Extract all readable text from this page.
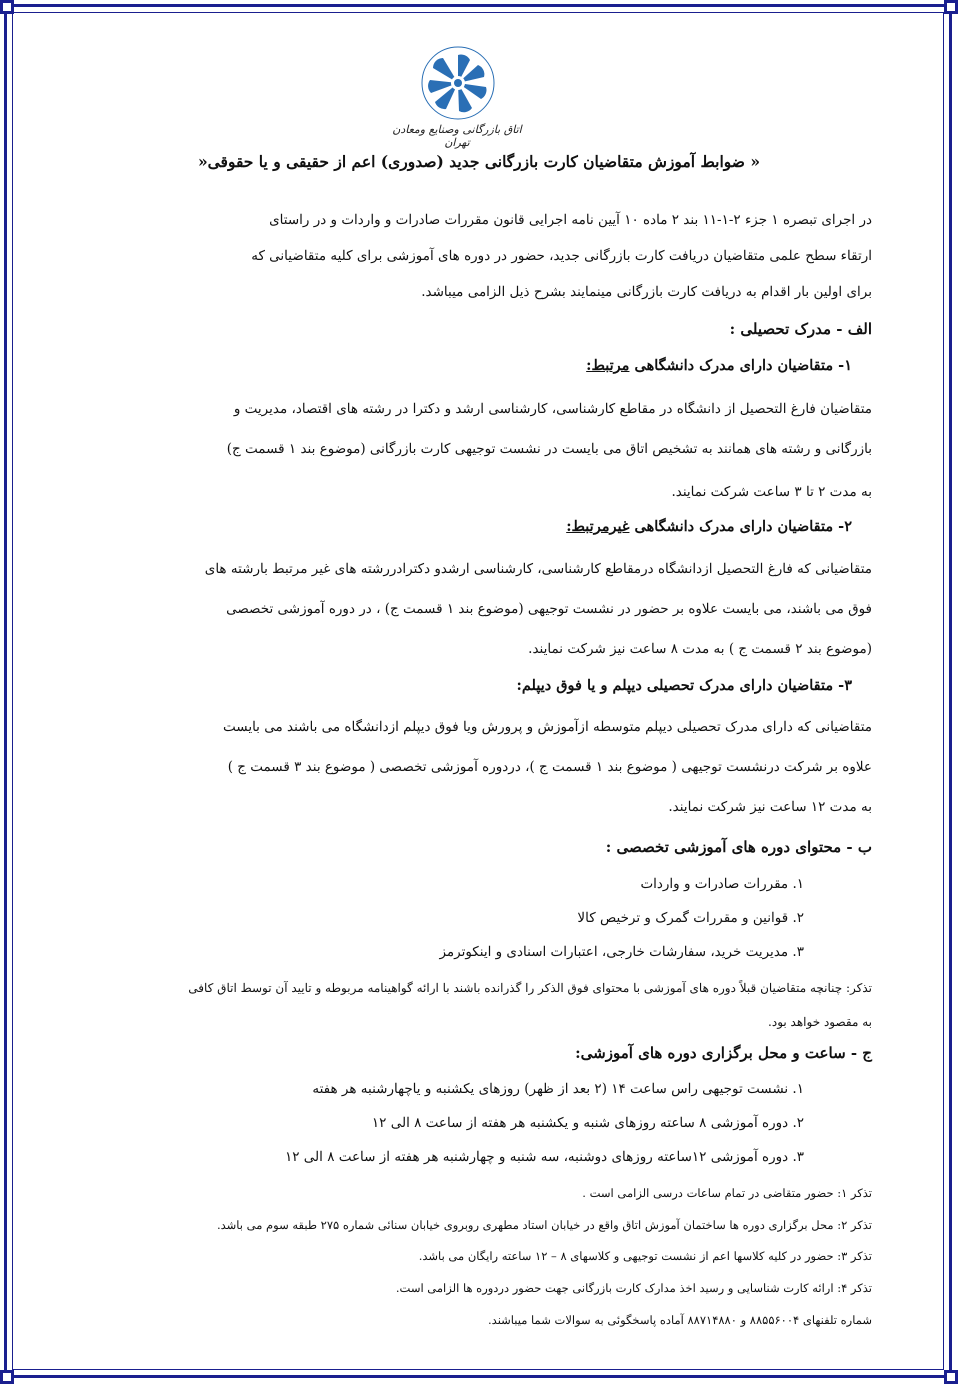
اتاق بازرگانی وصنایع ومعادن تهران
« ضوابط آموزش متقاضیان کارت بازرگانی جدید (صدوری) اعم از حقیقی و یا حقوقی«
در اجرای تبصره ۱ جزء ۲-۱-۱۱ بند ۲ ماده ۱۰ آیین نامه اجرایی قانون مقررات صادرات و واردات و در راستای
ارتقاء سطح علمی متقاضیان دریافت کارت بازرگانی جدید، حضور در دوره های آموزشی برای کلیه متقاضیانی که
برای اولین بار اقدام به دریافت کارت بازرگانی مینمایند بشرح ذیل الزامی میباشد.
الف - مدرک تحصیلی :
۱- متقاضیان دارای مدرک دانشگاهی مرتبط:
متقاضیان فارغ التحصیل از دانشگاه در مقاطع کارشناسی، کارشناسی ارشد و دکترا در رشته های اقتصاد، مدیریت و
بازرگانی و رشته های همانند به تشخیص اتاق می بایست در نشست توجیهی کارت بازرگانی (موضوع بند ۱ قسمت ج)
به مدت ۲ تا ۳ ساعت شرکت نمایند.
۲- متقاضیان دارای مدرک دانشگاهی غیرمرتبط:
متقاضیانی که فارغ التحصیل ازدانشگاه درمقاطع کارشناسی، کارشناسی ارشدو دکترادررشته های غیر مرتبط بارشته های
فوق می باشند، می بایست علاوه بر حضور در نشست توجیهی (موضوع بند ۱ قسمت ج) ، در دوره آموزشی تخصصی
(موضوع بند ۲ قسمت ج ) به مدت ۸ ساعت نیز شرکت نمایند.
۳- متقاضیان دارای مدرک تحصیلی دیپلم و یا فوق دیپلم:
متقاضیانی که دارای مدرک تحصیلی دیپلم متوسطه ازآموزش و پرورش ویا فوق دیپلم ازدانشگاه می باشند می بایست
علاوه بر شرکت درنشست توجیهی ( موضوع بند ۱ قسمت ج )، دردوره آموزشی تخصصی ( موضوع بند ۳ قسمت ج )
به مدت ۱۲ ساعت نیز شرکت نمایند.
ب - محتوای دوره های آموزشی تخصصی :
۱. مقررات صادرات و واردات
۲. قوانین و مقررات گمرک و ترخیص کالا
۳. مدیریت خرید، سفارشات خارجی، اعتبارات اسنادی و اینکوترمز
تذکر: چنانچه متقاضیان قبلاً دوره های آموزشی با محتوای فوق الذکر را گذرانده باشند با ارائه گواهینامه مربوطه و تایید آن توسط اتاق کافی
به مقصود خواهد بود.
ج - ساعت و محل برگزاری دوره های آموزشی:
۱. نشست توجیهی راس ساعت ۱۴ (۲ بعد از ظهر) روزهای یکشنبه و یاچهارشنبه هر هفته
۲. دوره آموزشی ۸ ساعته روزهای شنبه و یکشنبه هر هفته از ساعت ۸ الی ۱۲
۳. دوره آموزشی ۱۲ساعته روزهای دوشنبه، سه شنبه و چهارشنبه هر هفته از ساعت ۸ الی ۱۲
تذکر ۱: حضور متقاضی در تمام ساعات درسی الزامی است .
تذکر ۲: محل برگزاری دوره ها ساختمان آموزش اتاق واقع در خیابان استاد مطهری روبروی خیابان سنائی شماره ۲۷۵ طبقه سوم می باشد.
تذکر ۳: حضور در کلیه کلاسها اعم از نشست توجیهی و کلاسهای ۸ – ۱۲ ساعته رایگان می باشد.
تذکر ۴: ارائه کارت شناسایی و رسید اخذ مدارک کارت بازرگانی جهت حضور دردوره ها الزامی است.
شماره تلفنهای ۸۸۵۵۶۰۰۴ و ۸۸۷۱۴۸۸۰ آماده پاسخگوئی به سوالات شما میباشند.
